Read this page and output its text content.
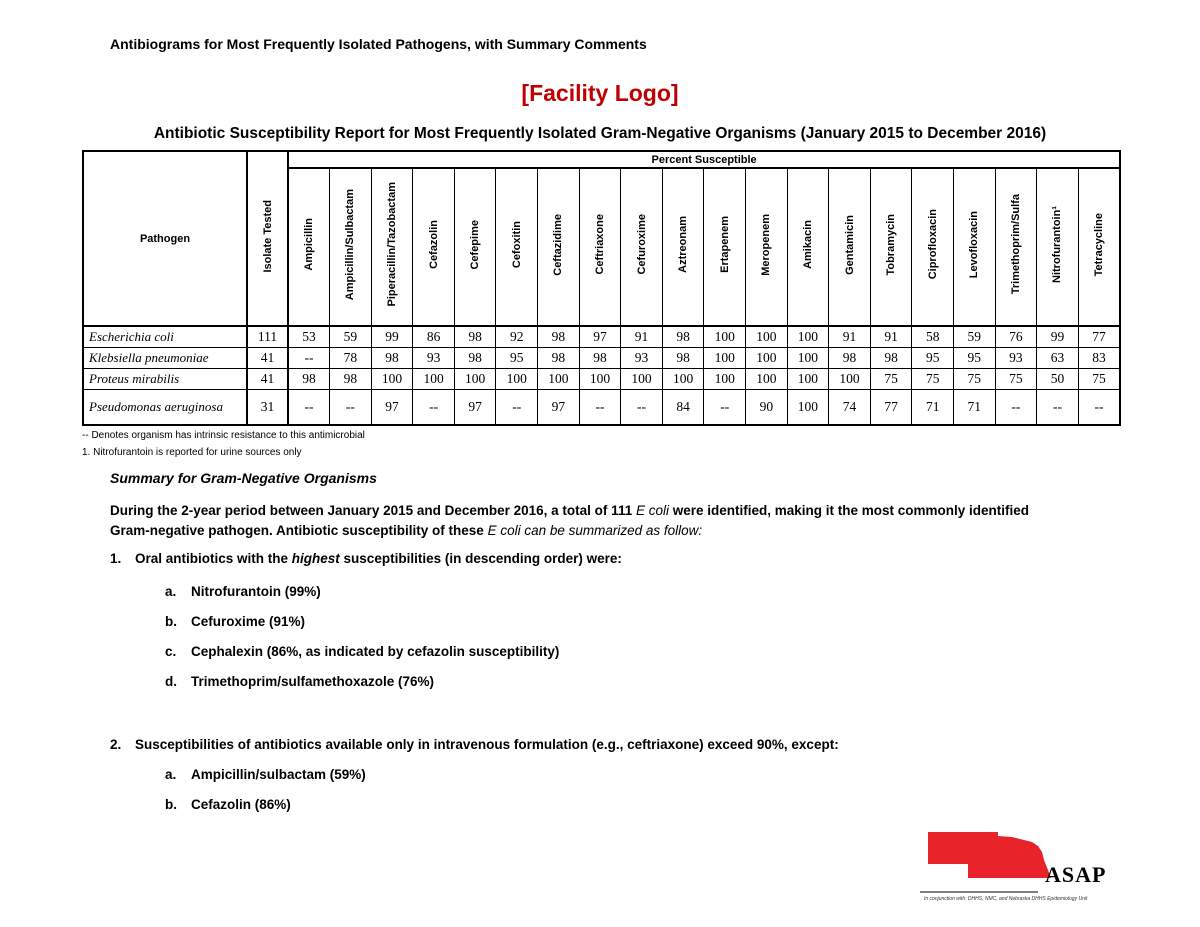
Antibiograms for Most Frequently Isolated Pathogens, with Summary Comments
[Facility Logo]
Antibiotic Susceptibility Report for Most Frequently Isolated Gram-Negative Organisms (January 2015 to December 2016)
Pathogen	Isolate Tested	Percent Susceptible																			
		Ampicillin	Ampicillin/Sulbactam	Piperacillin/Tazobactam	Cefazolin	Cefepime	Cefoxitin	Ceftazidime	Ceftriaxone	Cefuroxime	Aztreonam	Ertapenem	Meropenem	Amikacin	Gentamicin	Tobramycin	Ciprofloxacin	Levofloxacin	Trimethoprim/Sulfa	Nitrofurantoin¹	Tetracycline
Escherichia coli	111	53	59	99	86	98	92	98	97	91	98	100	100	100	91	91	58	59	76	99	77
Klebsiella pneumoniae	41	--	78	98	93	98	95	98	98	93	98	100	100	100	98	98	95	95	93	63	83
Proteus mirabilis	41	98	98	100	100	100	100	100	100	100	100	100	100	100	100	75	75	75	75	50	75
Pseudomonas aeruginosa	31	--	--	97	--	97	--	97	--	--	84	--	90	100	74	77	71	71	--	--	--
-- Denotes organism has intrinsic resistance to this antimicrobial
1. Nitrofurantoin is reported for urine sources only
Summary for Gram-Negative Organisms
During the 2-year period between January 2015 and December 2016, a total of 111 E coli were identified, making it the most commonly identified Gram-negative pathogen. Antibiotic susceptibility of these E coli can be summarized as follow:
1. Oral antibiotics with the highest susceptibilities (in descending order) were:
a. Nitrofurantoin (99%)
b. Cefuroxime (91%)
c. Cephalexin (86%, as indicated by cefazolin susceptibility)
d. Trimethoprim/sulfamethoxazole (76%)
2. Susceptibilities of antibiotics available only in intravenous formulation (e.g., ceftriaxone) exceed 90%, except:
a. Ampicillin/sulbactam (59%)
b. Cefazolin (86%)
ASAP
In conjunction with: DHHS, NMC, and Nebraska DHHS Epidemiology Unit
